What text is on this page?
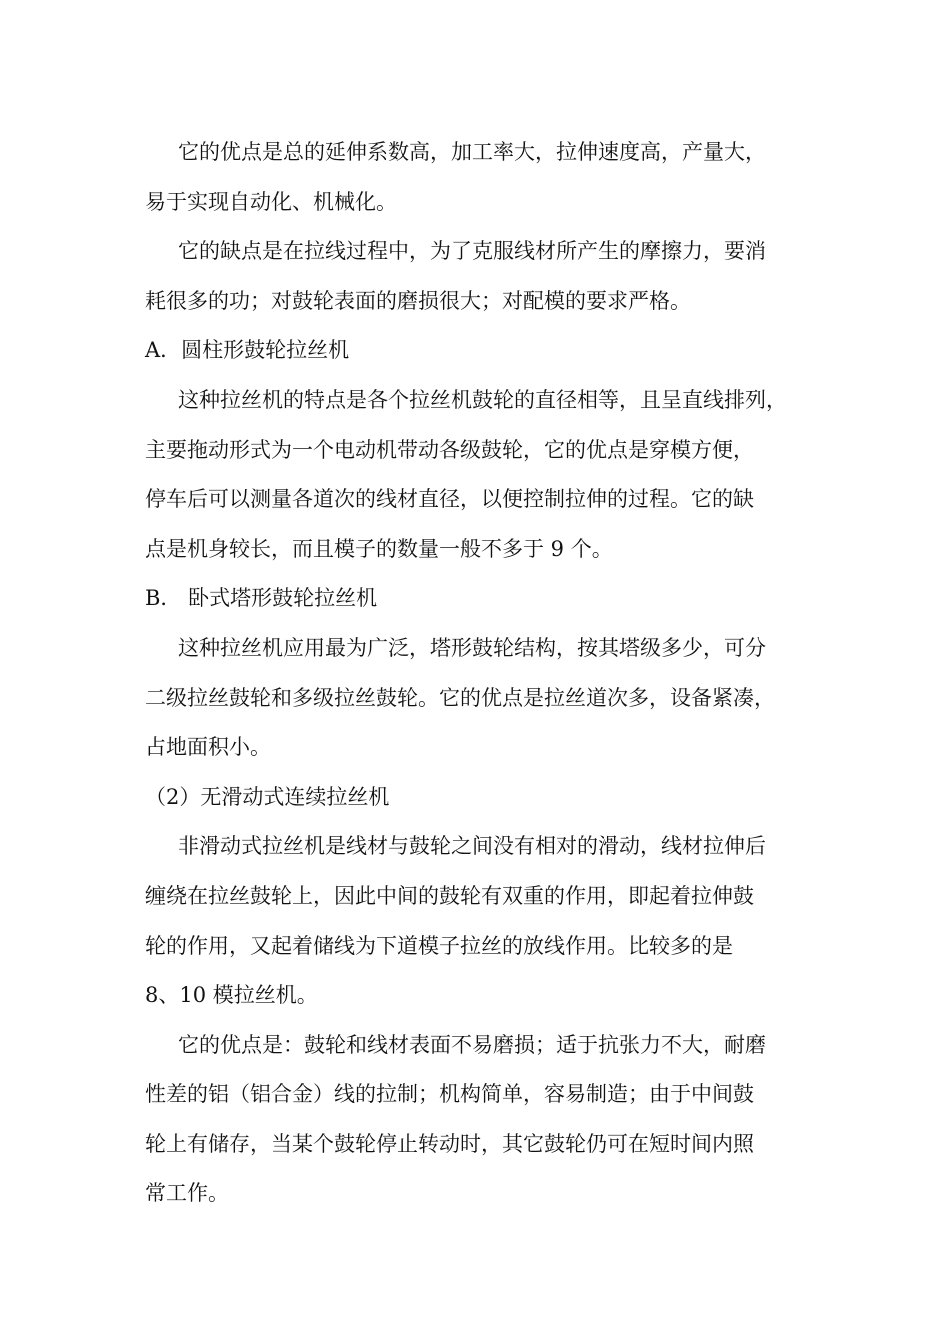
它的优点是总的延伸系数高，加工率大，拉伸速度高，产量大，
易于实现自动化、机械化。
它的缺点是在拉线过程中，为了克服线材所产生的摩擦力，要消
耗很多的功；对鼓轮表面的磨损很大；对配模的要求严格。
A．圆柱形鼓轮拉丝机
这种拉丝机的特点是各个拉丝机鼓轮的直径相等，且呈直线排列，
主要拖动形式为一个电动机带动各级鼓轮，它的优点是穿模方便，
停车后可以测量各道次的线材直径，以便控制拉伸的过程。它的缺
点是机身较长，而且模子的数量一般不多于 9 个。
B． 卧式塔形鼓轮拉丝机
这种拉丝机应用最为广泛，塔形鼓轮结构，按其塔级多少，可分
二级拉丝鼓轮和多级拉丝鼓轮。它的优点是拉丝道次多，设备紧凑，
占地面积小。
（2）无滑动式连续拉丝机
非滑动式拉丝机是线材与鼓轮之间没有相对的滑动，线材拉伸后
缠绕在拉丝鼓轮上，因此中间的鼓轮有双重的作用，即起着拉伸鼓
轮的作用，又起着储线为下道模子拉丝的放线作用。比较多的是
8、10 模拉丝机。
它的优点是：鼓轮和线材表面不易磨损；适于抗张力不大，耐磨
性差的铝（铝合金）线的拉制；机构简单，容易制造；由于中间鼓
轮上有储存，当某个鼓轮停止转动时，其它鼓轮仍可在短时间内照
常工作。
